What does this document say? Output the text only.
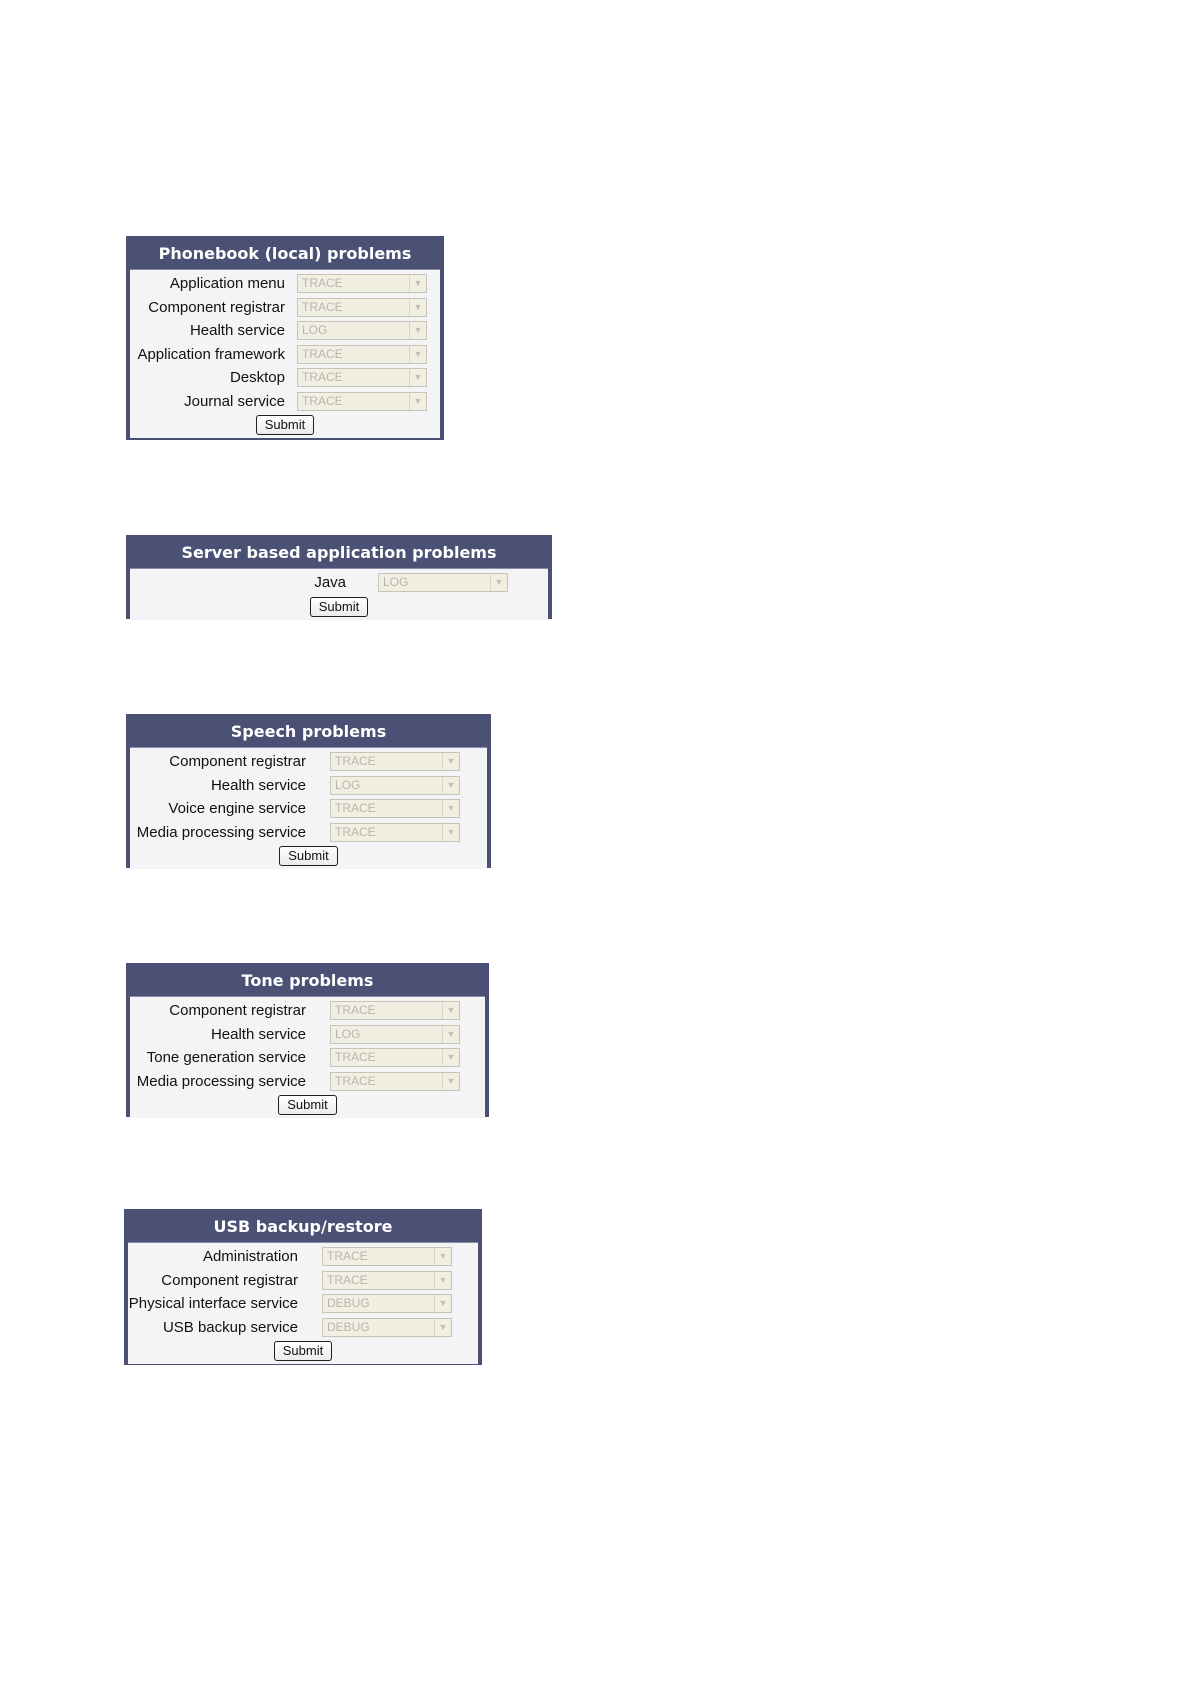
Phonebook (local) problems
Application menu	TRACE	▼
Component registrar	TRACE	▼
Health service	LOG	▼
Application framework	TRACE	▼
Desktop	TRACE	▼
Journal service	TRACE	▼
Submit
Server based application problems
Java	LOG	▼
Submit
Speech problems
Component registrar	TRACE	▼
Health service	LOG	▼
Voice engine service	TRACE	▼
Media processing service	TRACE	▼
Submit
Tone problems
Component registrar	TRACE	▼
Health service	LOG	▼
Tone generation service	TRACE	▼
Media processing service	TRACE	▼
Submit
USB backup/restore
Administration	TRACE	▼
Component registrar	TRACE	▼
Physical interface service	DEBUG	▼
USB backup service	DEBUG	▼
Submit
